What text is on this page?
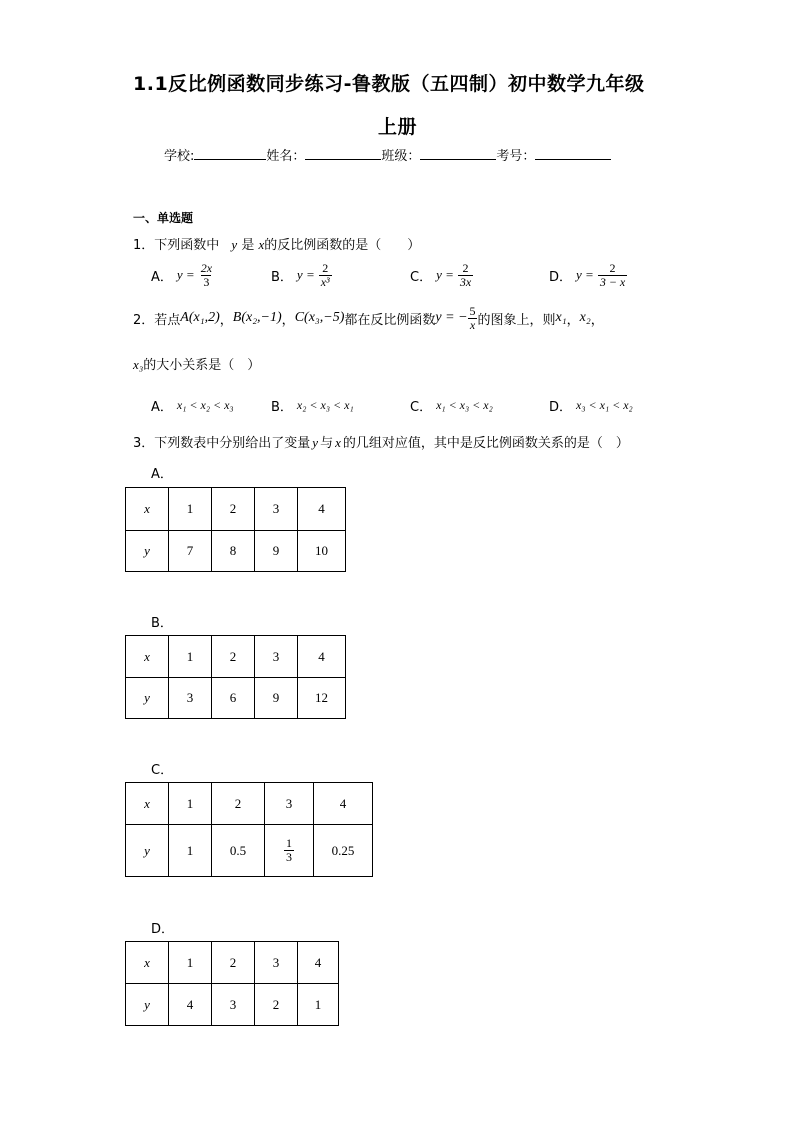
1.1反比例函数同步练习-鲁教版（五四制）初中数学九年级
上册
学校:	姓名：	班级：	考号：
一、单选题
1．下列函数中 y 是 x的反比例函数的是（　　）
A． $y = \frac{2x}{3}$	B． $y = \frac{2}{\text{x³}}$	C． $y = \frac{2}{3x}$	D． $y = \frac{2}{3 - x}$
2．若点 A(x₁,2) ， B(x₂,−1) ， C(x₃,−5) 都在反比例函数 y = − $\frac{5}{x}$ 的图象上，则 x₁ ， x₂ ，
x₃的大小关系是（　）
A． x₁ < x₂ < x₃	B． x₂ < x₃ < x₁	C． x₁ < x₃ < x₂	D． x₃ < x₁ < x₂
3．下列数表中分别给出了变量 y 与 x 的几组对应值，其中是反比例函数关系的是（　）
A．
x	1	2	3	4
y	7	8	9	10
B．
x	1	2	3	4
y	3	6	9	12
C．
x	1	2	3	4
y	1	0.5	$\frac{1}{3}$	0.25
D．
x	1	2	3	4
y	4	3	2	1
